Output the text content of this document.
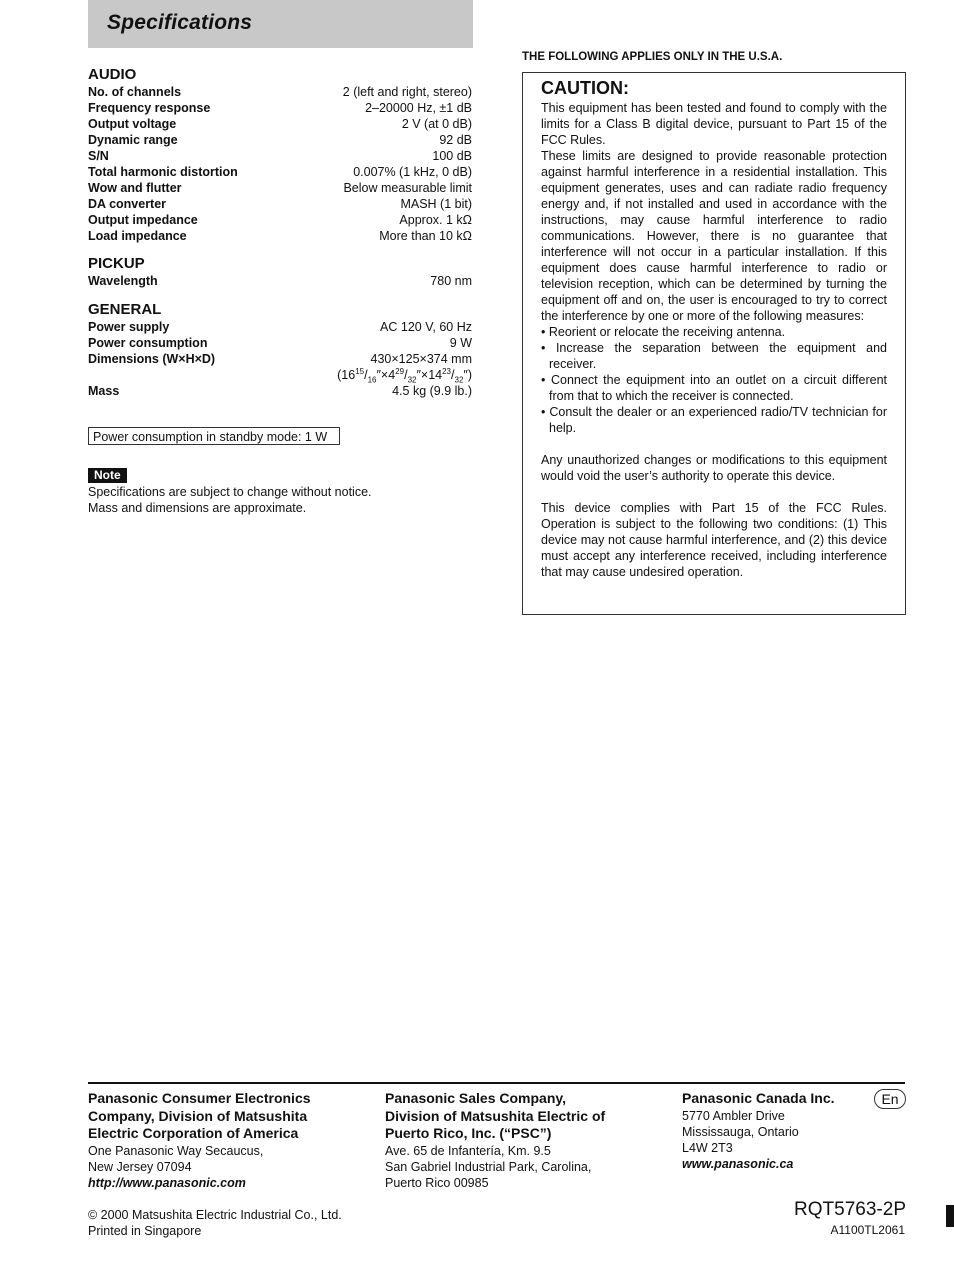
Specifications
AUDIO
No. of channels	2 (left and right, stereo)
Frequency response	2–20000 Hz, ±1 dB
Output voltage	2 V (at 0 dB)
Dynamic range	92 dB
S/N	100 dB
Total harmonic distortion	0.007% (1 kHz, 0 dB)
Wow and flutter	Below measurable limit
DA converter	MASH (1 bit)
Output impedance	Approx. 1 kΩ
Load impedance	More than 10 kΩ
PICKUP
Wavelength	780 nm
GENERAL
Power supply	AC 120 V, 60 Hz
Power consumption	9 W
Dimensions (W×H×D)	430×125×374 mm
$(16^{15}/_{16}''\times 4^{29}/_{32}''\times 14^{23}/_{32}'')$
Mass	4.5 kg (9.9 lb.)
Power consumption in standby mode: 1 W
Note
Specifications are subject to change without notice.
Mass and dimensions are approximate.
THE FOLLOWING APPLIES ONLY IN THE U.S.A.
CAUTION:

This equipment has been tested and found to comply with the limits for a Class B digital device, pursuant to Part 15 of the FCC Rules.

These limits are designed to provide reasonable protection against harmful interference in a residential installation. This equipment generates, uses and can radiate radio frequency energy and, if not installed and used in accordance with the instructions, may cause harmful interference to radio communications. However, there is no guarantee that interference will not occur in a particular installation. If this equipment does cause harmful interference to radio or television reception, which can be determined by turning the equipment off and on, the user is encouraged to try to correct the interference by one or more of the following measures:

• Reorient or relocate the receiving antenna.
• Increase the separation between the equipment and receiver.
• Connect the equipment into an outlet on a circuit different from that to which the receiver is connected.
• Consult the dealer or an experienced radio/TV technician for help.

Any unauthorized changes or modifications to this equipment would void the user’s authority to operate this device.

This device complies with Part 15 of the FCC Rules. Operation is subject to the following two conditions: (1) This device may not cause harmful interference, and (2) this device must accept any interference received, including interference that may cause undesired operation.

Panasonic Consumer Electronics
Company, Division of Matsushita
Electric Corporation of America
One Panasonic Way Secaucus,
New Jersey 07094
http://www.panasonic.com
Panasonic Sales Company,
Division of Matsushita Electric of
Puerto Rico, Inc. (“PSC”)
Ave. 65 de Infantería, Km. 9.5
San Gabriel Industrial Park, Carolina,
Puerto Rico 00985
Panasonic Canada Inc.
5770 Ambler Drive
Mississauga, Ontario
L4W 2T3
www.panasonic.ca
En
© 2000 Matsushita Electric Industrial Co., Ltd.
Printed in Singapore
RQT5763-2P
A1100TL2061
